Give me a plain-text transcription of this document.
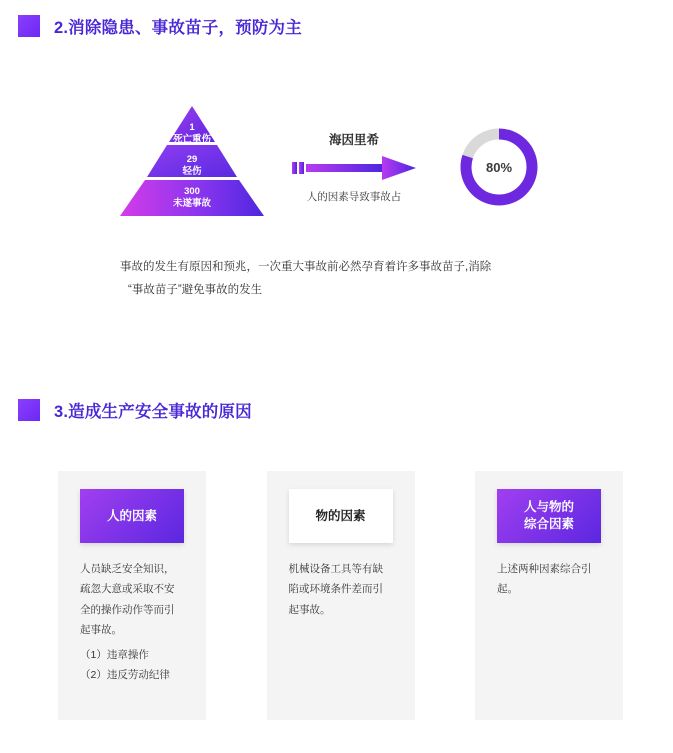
2.消除隐患、事故苗子，预防为主
1
死亡重伤
29
轻伤
300
未遂事故
海因里希
人的因素导致事故占
80%
事故的发生有原因和预兆，一次重大事故前必然孕育着许多事故苗子,消除
“事故苗子”避免事故的发生
3.造成生产安全事故的原因
人的因素
人员缺乏安全知识，
疏忽大意或采取不安
全的操作动作等而引
起事故。
（1）违章操作
（2）违反劳动纪律
物的因素
机械设备工具等有缺
陷或环境条件差而引
起事故。
人与物的
综合因素
上述两种因素综合引起。
